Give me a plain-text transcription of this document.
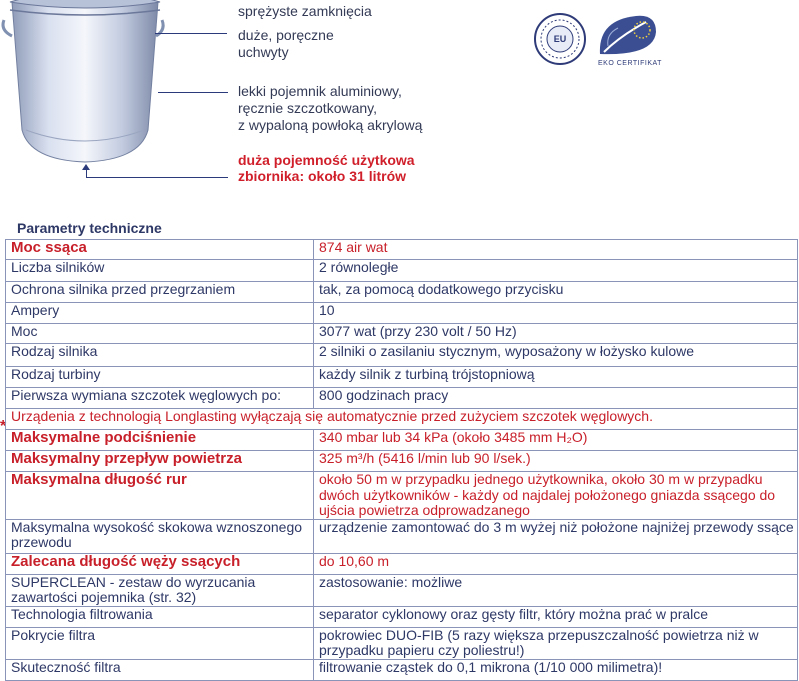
sprężyste zamknięcia
duże, poręczne
uchwyty
lekki pojemnik aluminiowy,
ręcznie szczotkowany,
z wypaloną powłoką akrylową
duża pojemność użytkowa
zbiornika: około 31 litrów
EU
EKO CERTIFIKAT
Parametry techniczne
*
Moc ssąca	874 air wat
Liczba silników	2 równoległe
Ochrona silnika przed przegrzaniem	tak, za pomocą dodatkowego przycisku
Ampery	10
Moc	3077 wat (przy 230 volt / 50 Hz)
Rodzaj silnika	2 silniki o zasilaniu stycznym, wyposażony w łożysko kulowe
Rodzaj turbiny	każdy silnik z turbiną trójstopniową
Pierwsza wymiana szczotek węglowych po:	800 godzinach pracy
Urządenia z technologią Longlasting wyłączają się automatycznie przed zużyciem szczotek węglowych.	
Maksymalne podciśnienie	340 mbar lub 34 kPa (około 3485 mm H₂O)
Maksymalny przepływ powietrza	325 m³/h (5416 l/min lub 90 l/sek.)
Maksymalna długość rur	około 50 m w przypadku jednego użytkownika, około 30 m w przypadku dwóch użytkowników - każdy od najdalej położonego gniazda ssącego do ujścia powietrza odprowadzanego
Maksymalna wysokość skokowa wznoszonego przewodu	urządzenie zamontować do 3 m wyżej niż położone najniżej przewody ssące
Zalecana długość węży ssących	do 10,60 m
SUPERCLEAN - zestaw do wyrzucania zawartości pojemnika (str. 32)	zastosowanie: możliwe
Technologia filtrowania	separator cyklonowy oraz gęsty filtr, który można prać w pralce
Pokrycie filtra	pokrowiec DUO-FIB (5 razy większa przepuszczalność powietrza niż w przypadku papieru czy poliestru!)
Skuteczność filtra	filtrowanie cząstek do 0,1 mikrona (1/10 000 milimetra)!
